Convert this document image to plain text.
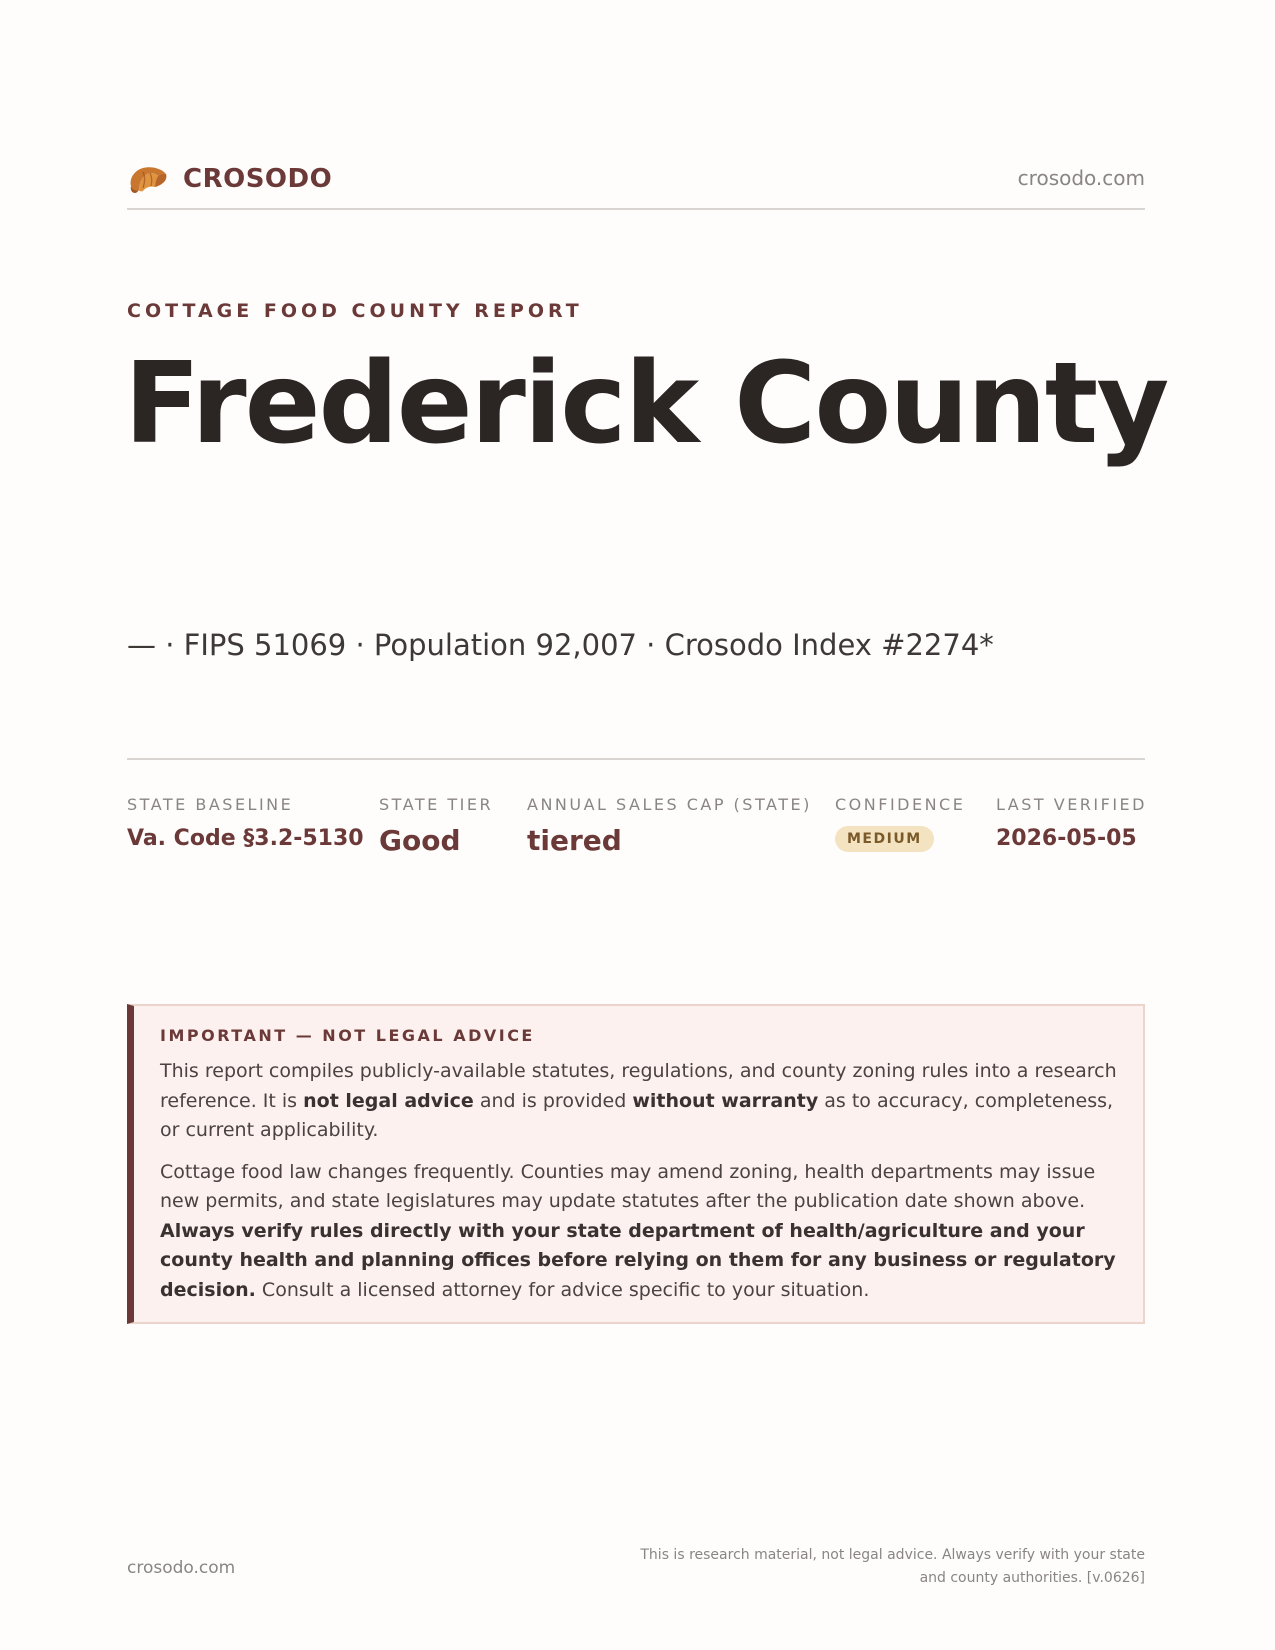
CROSODO	crosodo.com
COTTAGE FOOD COUNTY REPORT
Frederick County
— · FIPS 51069 · Population 92,007 · Crosodo Index #2274*
STATE BASELINE
Va. Code §3.2-5130
STATE TIER
Good
ANNUAL SALES CAP (STATE)
tiered
CONFIDENCE
MEDIUM
LAST VERIFIED
2026-05-05
IMPORTANT — NOT LEGAL ADVICE

This report compiles publicly-available statutes, regulations, and county zoning rules into a research reference. It is not legal advice and is provided without warranty as to accuracy, completeness, or current applicability.

Cottage food law changes frequently. Counties may amend zoning, health departments may issue new permits, and state legislatures may update statutes after the publication date shown above. Always verify rules directly with your state department of health/agriculture and your county health and planning offices before relying on them for any business or regulatory decision. Consult a licensed attorney for advice specific to your situation.

crosodo.com
This is research material, not legal advice. Always verify with your state
and county authorities. [v.0626]
